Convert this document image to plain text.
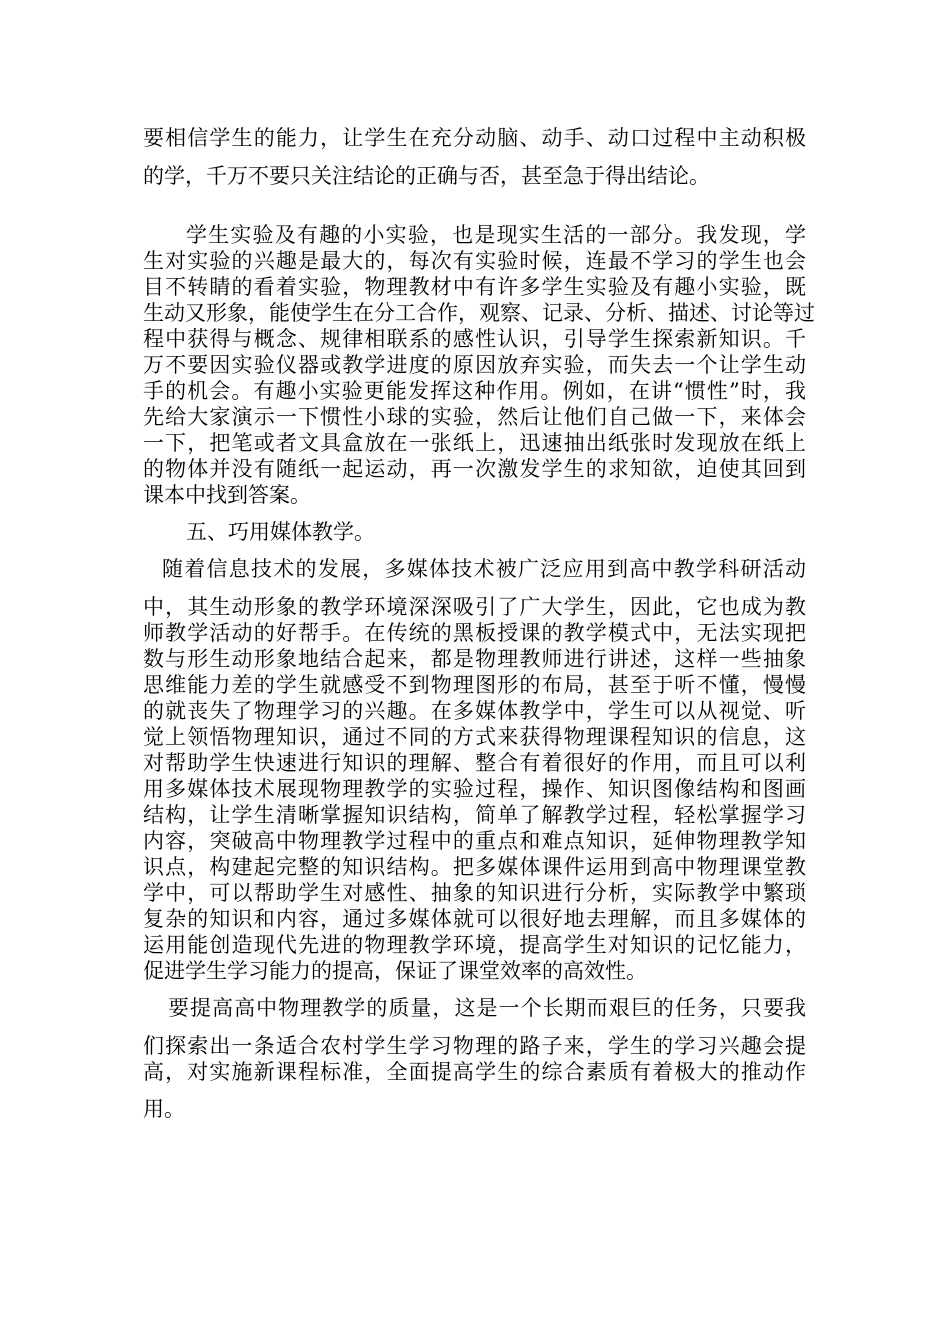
要相信学生的能力，让学生在充分动脑、动手、动口过程中主动积极
的学，千万不要只关注结论的正确与否，甚至急于得出结论。
学生实验及有趣的小实验，也是现实生活的一部分。我发现，学
生对实验的兴趣是最大的，每次有实验时候，连最不学习的学生也会
目不转睛的看着实验，物理教材中有许多学生实验及有趣小实验，既
生动又形象，能使学生在分工合作，观察、记录、分析、描述、讨论等过
程中获得与概念、规律相联系的感性认识，引导学生探索新知识。千
万不要因实验仪器或教学进度的原因放弃实验，而失去一个让学生动
手的机会。有趣小实验更能发挥这种作用。例如，在讲“惯性”时，我
先给大家演示一下惯性小球的实验，然后让他们自己做一下，来体会
一下，把笔或者文具盒放在一张纸上，迅速抽出纸张时发现放在纸上
的物体并没有随纸一起运动，再一次激发学生的求知欲，迫使其回到
课本中找到答案。
五、巧用媒体教学。
随着信息技术的发展，多媒体技术被广泛应用到高中教学科研活动
中，其生动形象的教学环境深深吸引了广大学生，因此，它也成为教
师教学活动的好帮手。在传统的黑板授课的教学模式中，无法实现把
数与形生动形象地结合起来，都是物理教师进行讲述，这样一些抽象
思维能力差的学生就感受不到物理图形的布局，甚至于听不懂，慢慢
的就丧失了物理学习的兴趣。在多媒体教学中，学生可以从视觉、听
觉上领悟物理知识，通过不同的方式来获得物理课程知识的信息，这
对帮助学生快速进行知识的理解、整合有着很好的作用，而且可以利
用多媒体技术展现物理教学的实验过程，操作、知识图像结构和图画
结构，让学生清晰掌握知识结构，简单了解教学过程，轻松掌握学习
内容，突破高中物理教学过程中的重点和难点知识，延伸物理教学知
识点，构建起完整的知识结构。把多媒体课件运用到高中物理课堂教
学中，可以帮助学生对感性、抽象的知识进行分析，实际教学中繁琐
复杂的知识和内容，通过多媒体就可以很好地去理解，而且多媒体的
运用能创造现代先进的物理教学环境，提高学生对知识的记忆能力，
促进学生学习能力的提高，保证了课堂效率的高效性。
要提高高中物理教学的质量，这是一个长期而艰巨的任务，只要我
们探索出一条适合农村学生学习物理的路子来，学生的学习兴趣会提
高，对实施新课程标准，全面提高学生的综合素质有着极大的推动作
用。
